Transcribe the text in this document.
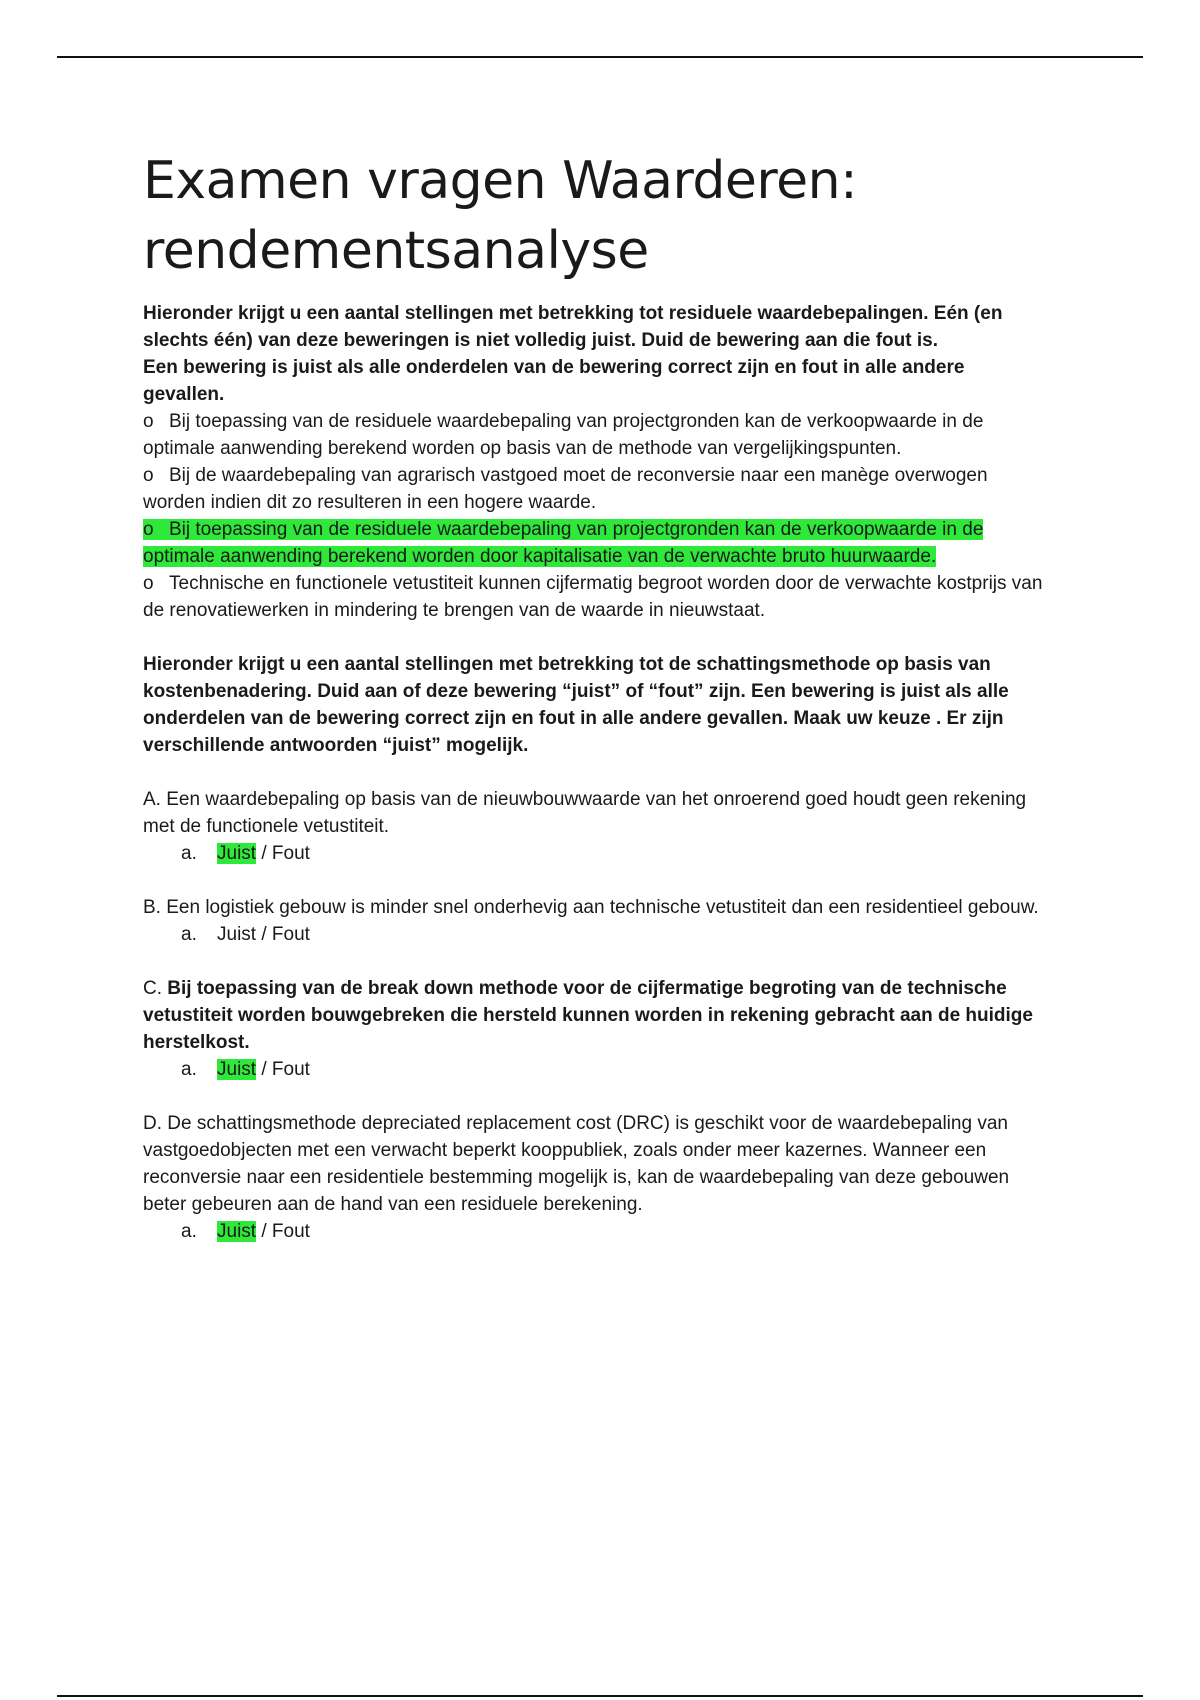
Examen vragen Waarderen: rendementsanalyse

Hieronder krijgt u een aantal stellingen met betrekking tot residuele waardebepalingen. Eén (en slechts één) van deze beweringen is niet volledig juist. Duid de bewering aan die fout is.

Een bewering is juist als alle onderdelen van de bewering correct zijn en fout in alle andere gevallen.

o Bij toepassing van de residuele waardebepaling van projectgronden kan de verkoopwaarde in de optimale aanwending berekend worden op basis van de methode van vergelijkingspunten.

o Bij de waardebepaling van agrarisch vastgoed moet de reconversie naar een manège overwogen worden indien dit zo resulteren in een hogere waarde.

o Bij toepassing van de residuele waardebepaling van projectgronden kan de verkoopwaarde in de optimale aanwending berekend worden door kapitalisatie van de verwachte bruto huurwaarde.

o Technische en functionele vetustiteit kunnen cijfermatig begroot worden door de verwachte kostprijs van de renovatiewerken in mindering te brengen van de waarde in nieuwstaat.

Hieronder krijgt u een aantal stellingen met betrekking tot de schattingsmethode op basis van kostenbenadering. Duid aan of deze bewering “juist” of “fout” zijn. Een bewering is juist als alle onderdelen van de bewering correct zijn en fout in alle andere gevallen. Maak uw keuze . Er zijn verschillende antwoorden “juist” mogelijk.

A. Een waardebepaling op basis van de nieuwbouwwaarde van het onroerend goed houdt geen rekening met de functionele vetustiteit.

a. Juist / Fout

B. Een logistiek gebouw is minder snel onderhevig aan technische vetustiteit dan een residentieel gebouw.

a. Juist / Fout

C. Bij toepassing van de break down methode voor de cijfermatige begroting van de technische vetustiteit worden bouwgebreken die hersteld kunnen worden in rekening gebracht aan de huidige herstelkost.

a. Juist / Fout

D. De schattingsmethode depreciated replacement cost (DRC) is geschikt voor de waardebepaling van vastgoedobjecten met een verwacht beperkt kooppubliek, zoals onder meer kazernes. Wanneer een reconversie naar een residentiele bestemming mogelijk is, kan de waardebepaling van deze gebouwen beter gebeuren aan de hand van een residuele berekening.

a. Juist / Fout
